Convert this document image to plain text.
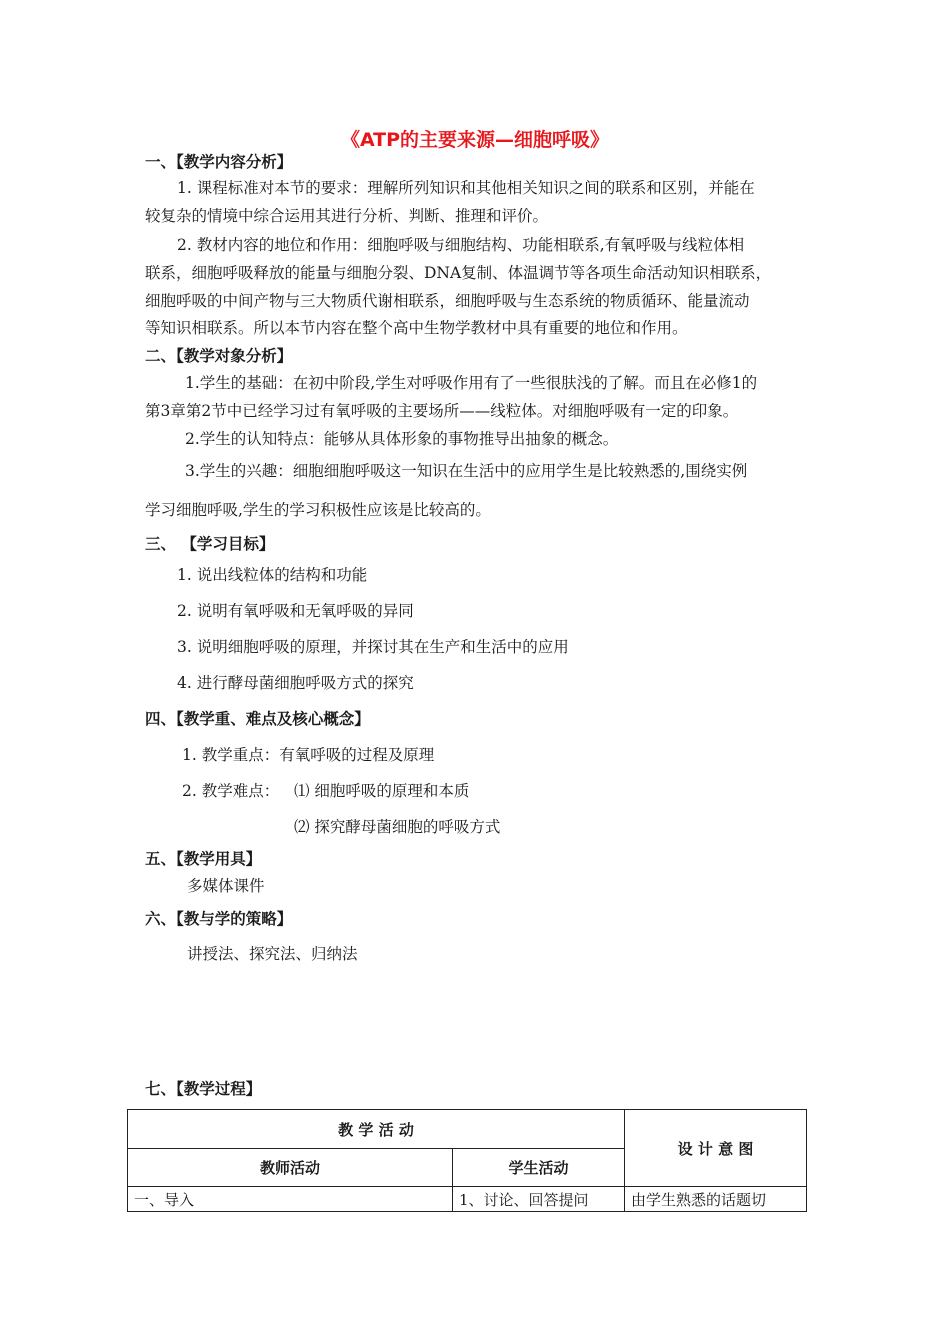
《ATP的主要来源—细胞呼吸》
一、【教学内容分析】
1. 课程标准对本节的要求：理解所列知识和其他相关知识之间的联系和区别，并能在
较复杂的情境中综合运用其进行分析、判断、推理和评价。
2. 教材内容的地位和作用：细胞呼吸与细胞结构、功能相联系,有氧呼吸与线粒体相
联系，细胞呼吸释放的能量与细胞分裂、DNA复制、体温调节等各项生命活动知识相联系，
细胞呼吸的中间产物与三大物质代谢相联系，细胞呼吸与生态系统的物质循环、能量流动
等知识相联系。所以本节内容在整个高中生物学教材中具有重要的地位和作用。
二、【教学对象分析】
1.学生的基础：在初中阶段,学生对呼吸作用有了一些很肤浅的了解。而且在必修1的
第3章第2节中已经学习过有氧呼吸的主要场所——线粒体。对细胞呼吸有一定的印象。
2.学生的认知特点：能够从具体形象的事物推导出抽象的概念。
3.学生的兴趣：细胞细胞呼吸这一知识在生活中的应用学生是比较熟悉的,围绕实例
学习细胞呼吸,学生的学习积极性应该是比较高的。
三、 【学习目标】
1. 说出线粒体的结构和功能
2. 说明有氧呼吸和无氧呼吸的异同
3. 说明细胞呼吸的原理，并探讨其在生产和生活中的应用
4. 进行酵母菌细胞呼吸方式的探究
四、【教学重、难点及核心概念】
1. 教学重点：有氧呼吸的过程及原理
2. 教学难点： ⑴ 细胞呼吸的原理和本质
⑵ 探究酵母菌细胞的呼吸方式
五、【教学用具】
多媒体课件
六、【教与学的策略】
讲授法、探究法、归纳法
七、【教学过程】
教 学 活 动		设 计 意 图
教师活动	学生活动	
一、导入	1、讨论、回答提问	由学生熟悉的话题切
